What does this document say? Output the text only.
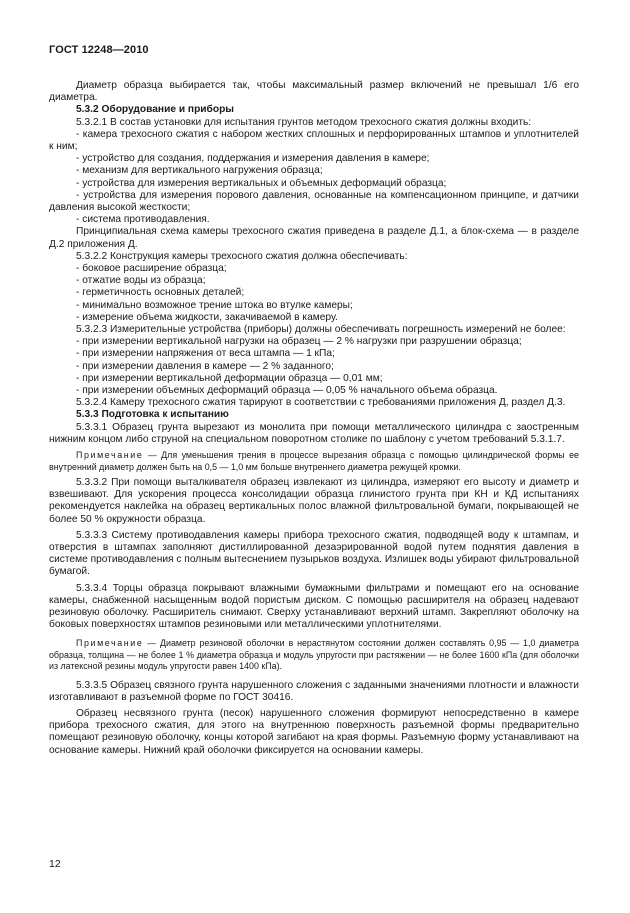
ГОСТ 12248—2010

Диаметр образца выбирается так, чтобы максимальный размер включений не превышал 1/6 его диаметра.

5.3.2 Оборудование и приборы

5.3.2.1 В состав установки для испытания грунтов методом трехосного сжатия должны входить:

- камера трехосного сжатия с набором жестких сплошных и перфорированных штампов и уплотнителей к ним;

- устройство для создания, поддержания и измерения давления в камере;

- механизм для вертикального нагружения образца;

- устройства для измерения вертикальных и объемных деформаций образца;

- устройства для измерения порового давления, основанные на компенсационном принципе, и датчики давления высокой жесткости;

- система противодавления.

Принципиальная схема камеры трехосного сжатия приведена в разделе Д.1, а блок-схема — в разделе Д.2 приложения Д.

5.3.2.2 Конструкция камеры трехосного сжатия должна обеспечивать:

- боковое расширение образца;

- отжатие воды из образца;

- герметичность основных деталей;

- минимально возможное трение штока во втулке камеры;

- измерение объема жидкости, закачиваемой в камеру.

5.3.2.3 Измерительные устройства (приборы) должны обеспечивать погрешность измерений не более:

- при измерении вертикальной нагрузки на образец — 2 % нагрузки при разрушении образца;

- при измерении напряжения от веса штампа — 1 кПа;

- при измерении давления в камере — 2 % заданного;

- при измерении вертикальной деформации образца — 0,01 мм;

- при измерении объемных деформаций образца — 0,05 % начального объема образца.

5.3.2.4 Камеру трехосного сжатия тарируют в соответствии с требованиями приложения Д, раздел Д.3.

5.3.3 Подготовка к испытанию

5.3.3.1 Образец грунта вырезают из монолита при помощи металлического цилиндра с заостренным нижним концом либо струной на специальном поворотном столике по шаблону с учетом требований 5.3.1.7.

Примечание — Для уменьшения трения в процессе вырезания образца с помощью цилиндрической формы ее внутренний диаметр должен быть на 0,5 — 1,0 мм больше внутреннего диаметра режущей кромки.

5.3.3.2 При помощи выталкивателя образец извлекают из цилиндра, измеряют его высоту и диаметр и взвешивают. Для ускорения процесса консолидации образца глинистого грунта при КН и КД испытаниях рекомендуется наклейка на образец вертикальных полос влажной фильтровальной бумаги, покрывающей не более 50 % окружности образца.

5.3.3.3 Систему противодавления камеры прибора трехосного сжатия, подводящей воду к штампам, и отверстия в штампах заполняют дистиллированной дезаэрированной водой путем поднятия давления в системе противодавления с полным вытеснением пузырьков воздуха. Излишек воды убирают фильтровальной бумагой.

5.3.3.4 Торцы образца покрывают влажными бумажными фильтрами и помещают его на основание камеры, снабженной насыщенным водой пористым диском. С помощью расширителя на образец надевают резиновую оболочку. Расширитель снимают. Сверху устанавливают верхний штамп. Закрепляют оболочку на боковых поверхностях штампов резиновыми или металлическими уплотнителями.

Примечание — Диаметр резиновой оболочки в нерастянутом состоянии должен составлять 0,95 — 1,0 диаметра образца, толщина — не более 1 % диаметра образца и модуль упругости при растяжении — не более 1600 кПа (для оболочки из латексной резины модуль упругости равен 1400 кПа).

5.3.3.5 Образец связного грунта нарушенного сложения с заданными значениями плотности и влажности изготавливают в разъемной форме по ГОСТ 30416.

Образец несвязного грунта (песок) нарушенного сложения формируют непосредственно в камере прибора трехосного сжатия, для этого на внутреннюю поверхность разъемной формы предварительно помещают резиновую оболочку, концы которой загибают на края формы. Разъемную форму устанавливают на основание камеры. Нижний край оболочки фиксируется на основании камеры.

12
